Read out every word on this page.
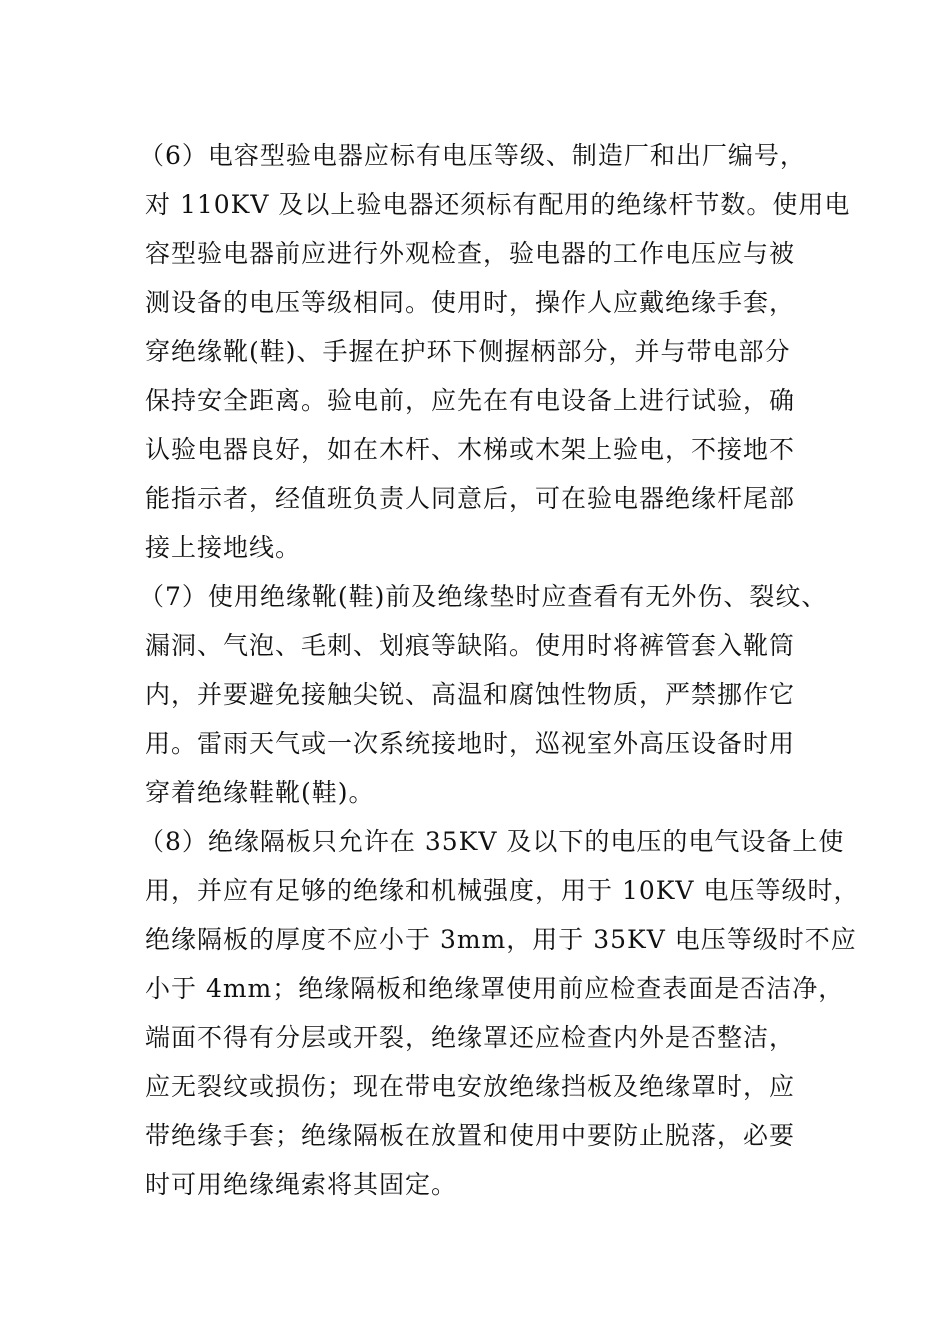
（6）电容型验电器应标有电压等级、制造厂和出厂编号，
对 110KV 及以上验电器还须标有配用的绝缘杆节数。使用电
容型验电器前应进行外观检查，验电器的工作电压应与被
测设备的电压等级相同。使用时，操作人应戴绝缘手套，
穿绝缘靴(鞋)、手握在护环下侧握柄部分，并与带电部分
保持安全距离。验电前，应先在有电设备上进行试验，确
认验电器良好，如在木杆、木梯或木架上验电，不接地不
能指示者，经值班负责人同意后，可在验电器绝缘杆尾部
接上接地线。
（7）使用绝缘靴(鞋)前及绝缘垫时应查看有无外伤、裂纹、
漏洞、气泡、毛刺、划痕等缺陷。使用时将裤管套入靴筒
内，并要避免接触尖锐、高温和腐蚀性物质，严禁挪作它
用。雷雨天气或一次系统接地时，巡视室外高压设备时用
穿着绝缘鞋靴(鞋)。
（8）绝缘隔板只允许在 35KV 及以下的电压的电气设备上使
用，并应有足够的绝缘和机械强度，用于 10KV 电压等级时，
绝缘隔板的厚度不应小于 3mm，用于 35KV 电压等级时不应
小于 4mm；绝缘隔板和绝缘罩使用前应检查表面是否洁净，
端面不得有分层或开裂，绝缘罩还应检查内外是否整洁，
应无裂纹或损伤；现在带电安放绝缘挡板及绝缘罩时，应
带绝缘手套；绝缘隔板在放置和使用中要防止脱落，必要
时可用绝缘绳索将其固定。
